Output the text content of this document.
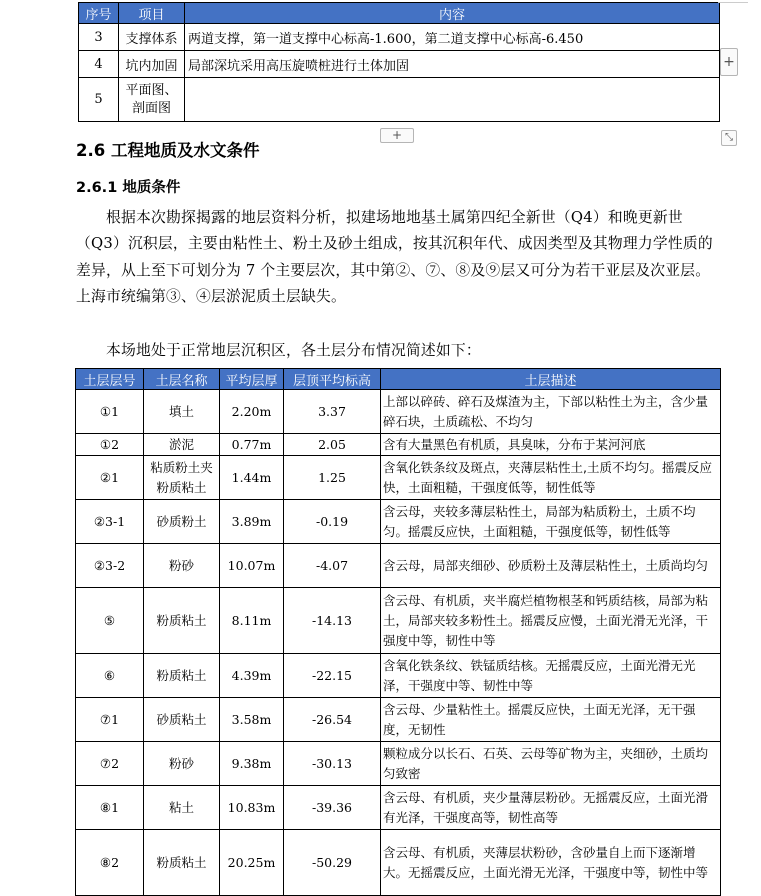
序号	项目	内容
3	支撑体系	两道支撑，第一道支撑中心标高-1.600，第二道支撑中心标高-6.450
4	坑内加固	局部深坑采用高压旋喷桩进行土体加固
5	平面图、剖面图	
+
+	⤡
2.6 工程地质及水文条件
2.6.1 地质条件

根据本次勘探揭露的地层资料分析，拟建场地地基土属第四纪全新世（Q4）和晚更新世（Q3）沉积层，主要由粘性土、粉土及砂土组成，按其沉积年代、成因类型及其物理力学性质的差异，从上至下可划分为 7 个主要层次，其中第②、⑦、⑧及⑨层又可分为若干亚层及次亚层。上海市统编第③、④层淤泥质土层缺失。

本场地处于正常地层沉积区，各土层分布情况简述如下：

土层层号	土层名称	平均层厚	层顶平均标高	土层描述
①1	填土	2.20m	3.37	上部以碎砖、碎石及煤渣为主，下部以粘性土为主，含少量碎石块，土质疏松、不均匀
①2	淤泥	0.77m	2.05	含有大量黑色有机质，具臭味，分布于某河河底
②1	粘质粉土夹粉质粘土	1.44m	1.25	含氧化铁条纹及斑点，夹薄层粘性土,土质不均匀。摇震反应快，土面粗糙，干强度低等，韧性低等
②3-1	砂质粉土	3.89m	-0.19	含云母，夹较多薄层粘性土，局部为粘质粉土，土质不均匀。摇震反应快，土面粗糙，干强度低等，韧性低等
②3-2	粉砂	10.07m	-4.07	含云母，局部夹细砂、砂质粉土及薄层粘性土，土质尚均匀
⑤	粉质粘土	8.11m	-14.13	含云母、有机质，夹半腐烂植物根茎和钙质结核，局部为粘土，局部夹较多粉性土。摇震反应慢，土面光滑无光泽，干强度中等，韧性中等
⑥	粉质粘土	4.39m	-22.15	含氧化铁条纹、铁锰质结核。无摇震反应，土面光滑无光泽，干强度中等、韧性中等
⑦1	砂质粘土	3.58m	-26.54	含云母、少量粘性土。摇震反应快，土面无光泽，无干强度，无韧性
⑦2	粉砂	9.38m	-30.13	颗粒成分以长石、石英、云母等矿物为主，夹细砂，土质均匀致密
⑧1	粘土	10.83m	-39.36	含云母、有机质，夹少量薄层粉砂。无摇震反应，土面光滑有光泽，干强度高等，韧性高等
⑧2	粉质粘土	20.25m	-50.29	含云母、有机质，夹薄层状粉砂，含砂量自上而下逐渐增大。无摇震反应，土面光滑无光泽，干强度中等，韧性中等
